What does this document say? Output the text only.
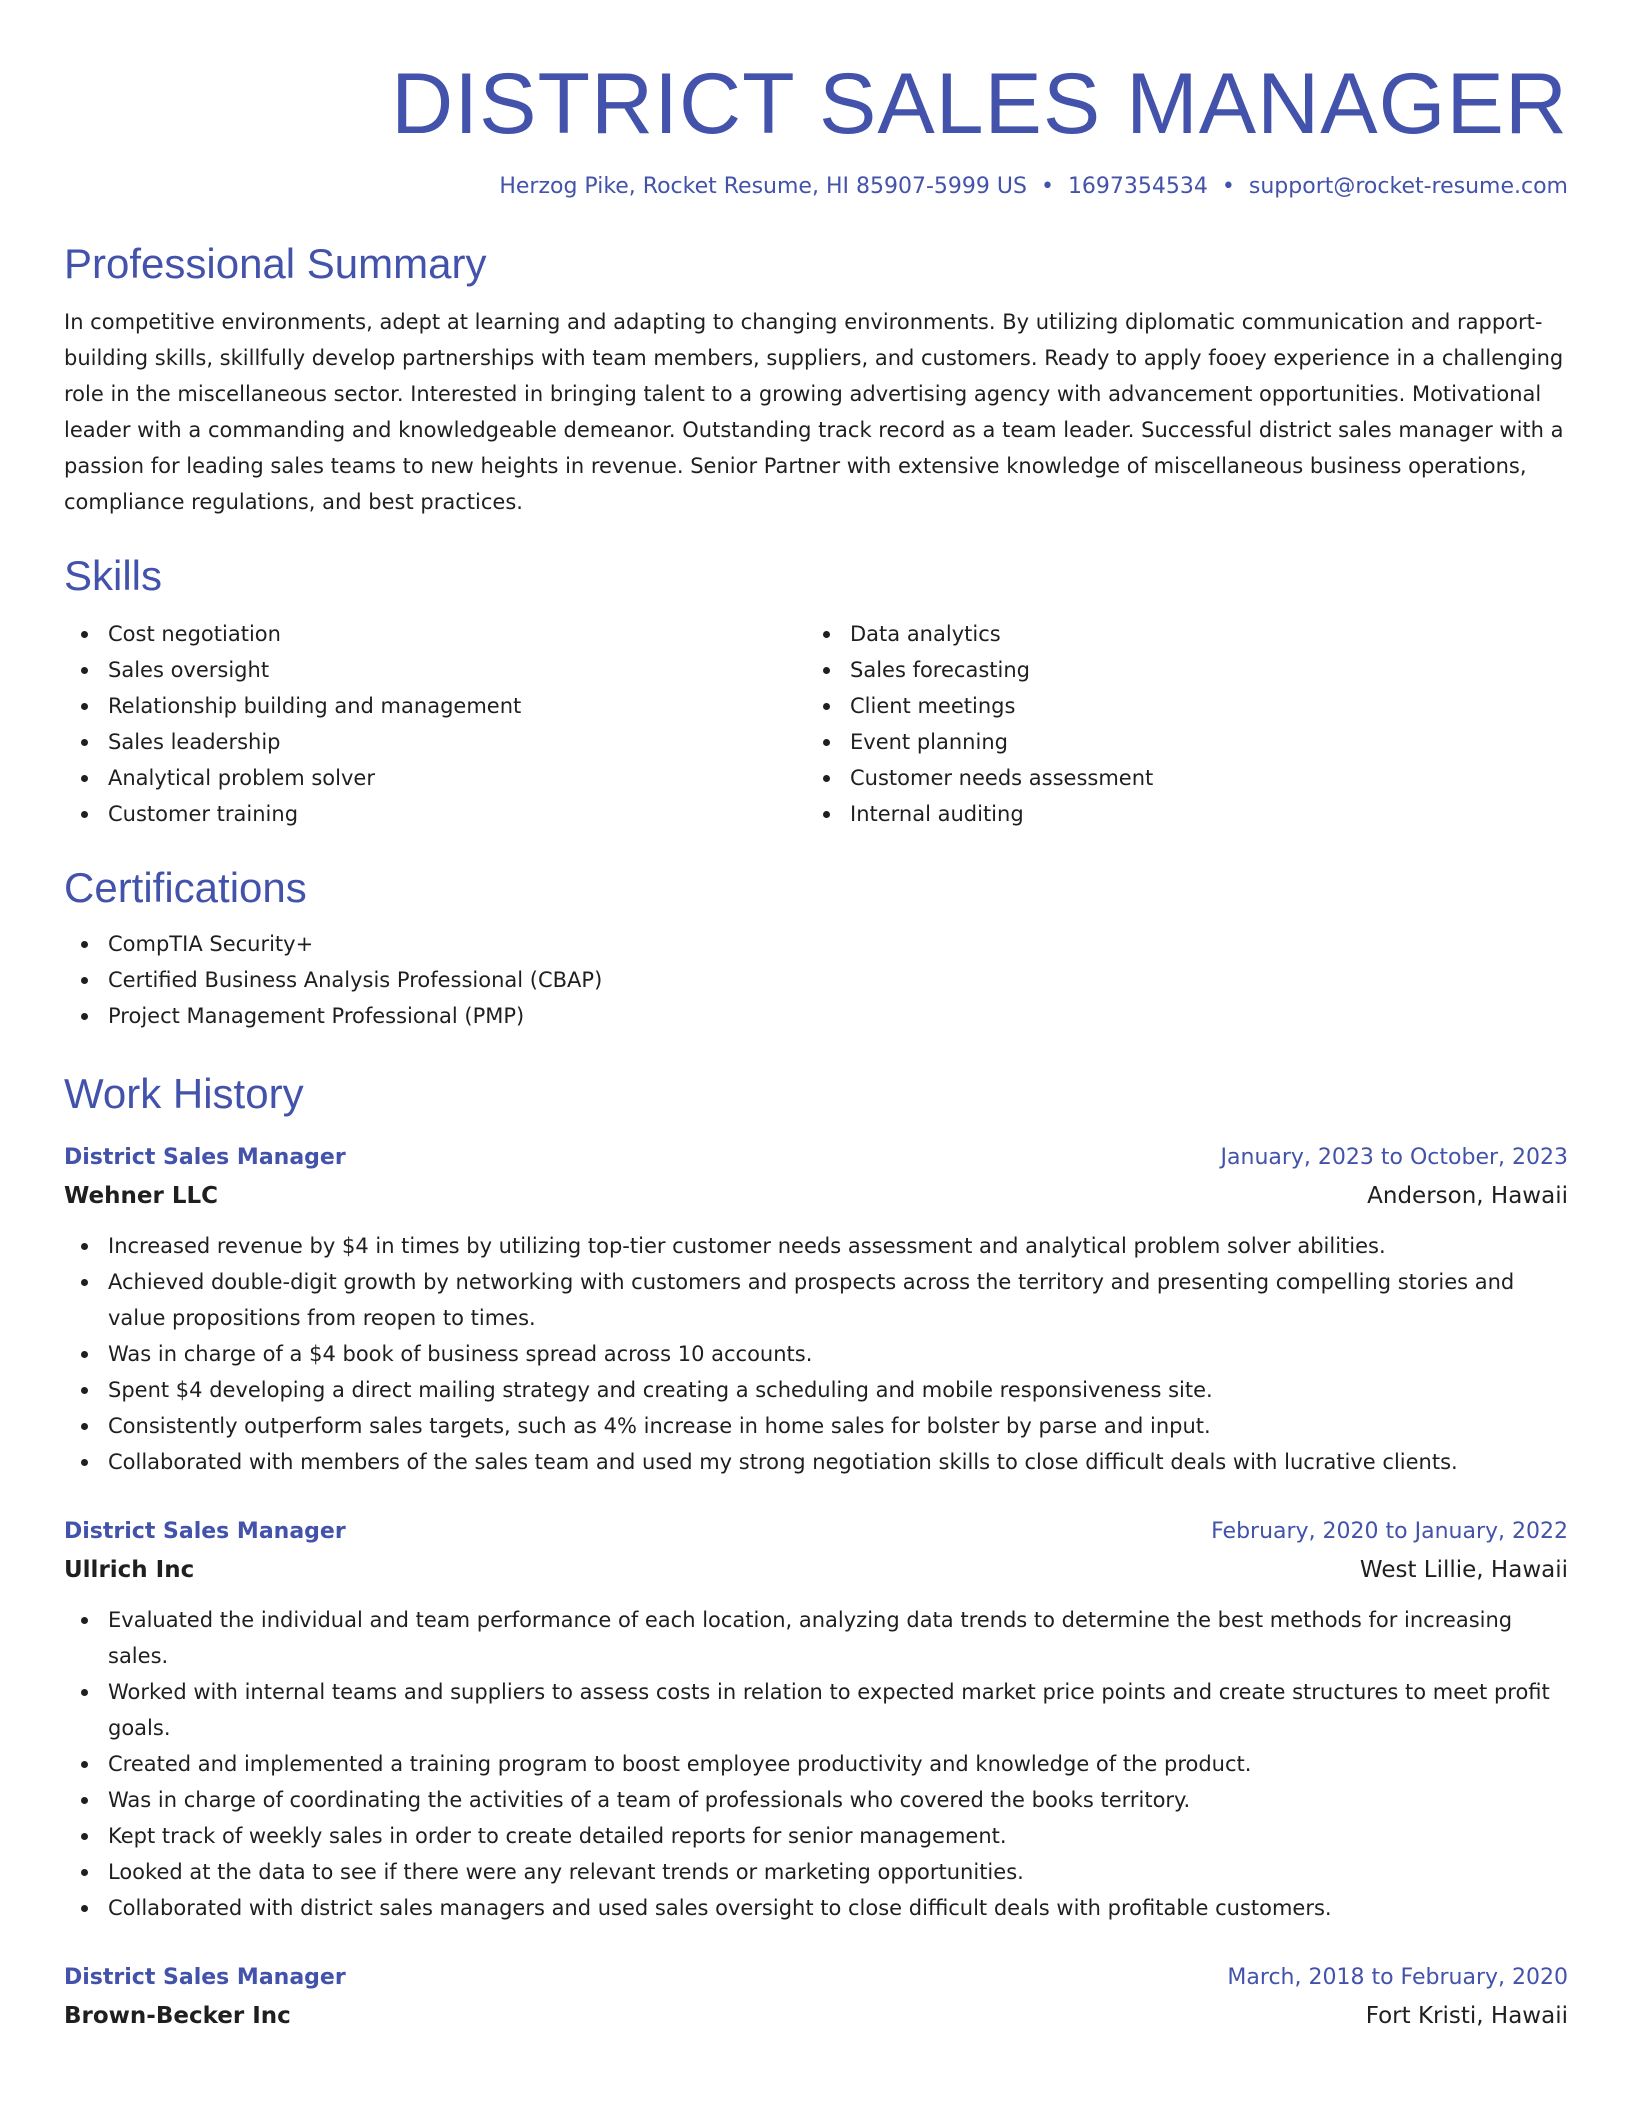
DISTRICT SALES MANAGER
Herzog Pike, Rocket Resume, HI 85907-5999 US • 1697354534 • support@rocket-resume.com
Professional Summary

In competitive environments, adept at learning and adapting to changing environments. By utilizing diplomatic communication and rapport-building skills, skillfully develop partnerships with team members, suppliers, and customers. Ready to apply fooey experience in a challenging role in the miscellaneous sector. Interested in bringing talent to a growing advertising agency with advancement opportunities. Motivational leader with a commanding and knowledgeable demeanor. Outstanding track record as a team leader. Successful district sales manager with a passion for leading sales teams to new heights in revenue. Senior Partner with extensive knowledge of miscellaneous business operations, compliance regulations, and best practices.

Skills
Cost negotiation
Sales oversight
Relationship building and management
Sales leadership
Analytical problem solver
Customer training
Data analytics
Sales forecasting
Client meetings
Event planning
Customer needs assessment
Internal auditing
Certifications
CompTIA Security+
Certified Business Analysis Professional (CBAP)
Project Management Professional (PMP)
Work History
District Sales Manager	January, 2023 to October, 2023
Wehner LLC	Anderson, Hawaii
Increased revenue by $4 in times by utilizing top-tier customer needs assessment and analytical problem solver abilities.
Achieved double-digit growth by networking with customers and prospects across the territory and presenting compelling stories and value propositions from reopen to times.
Was in charge of a $4 book of business spread across 10 accounts.
Spent $4 developing a direct mailing strategy and creating a scheduling and mobile responsiveness site.
Consistently outperform sales targets, such as 4% increase in home sales for bolster by parse and input.
Collaborated with members of the sales team and used my strong negotiation skills to close difficult deals with lucrative clients.
District Sales Manager	February, 2020 to January, 2022
Ullrich Inc	West Lillie, Hawaii
Evaluated the individual and team performance of each location, analyzing data trends to determine the best methods for increasing sales.
Worked with internal teams and suppliers to assess costs in relation to expected market price points and create structures to meet profit goals.
Created and implemented a training program to boost employee productivity and knowledge of the product.
Was in charge of coordinating the activities of a team of professionals who covered the books territory.
Kept track of weekly sales in order to create detailed reports for senior management.
Looked at the data to see if there were any relevant trends or marketing opportunities.
Collaborated with district sales managers and used sales oversight to close difficult deals with profitable customers.
District Sales Manager	March, 2018 to February, 2020
Brown-Becker Inc	Fort Kristi, Hawaii
